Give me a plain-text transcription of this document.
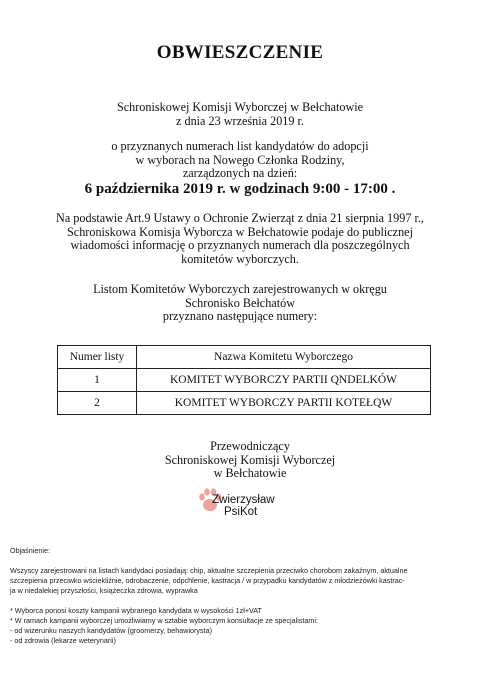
OBWIESZCZENIE
Schroniskowej Komisji Wyborczej w Bełchatowie
z dnia 23 września 2019 r.
o przyznanych numerach list kandydatów do adopcji
w wyborach na Nowego Członka Rodziny,
zarządzonych na dzień:
6 października 2019 r. w godzinach 9:00 - 17:00 .
Na podstawie Art.9 Ustawy o Ochronie Zwierząt z dnia 21 sierpnia 1997 r.,
Schroniskowa Komisja Wyborcza w Bełchatowie podaje do publicznej
wiadomości informację o przyznanych numerach dla poszczególnych
komitetów wyborczych.
Listom Komitetów Wyborczych zarejestrowanych w okręgu
Schronisko Bełchatów
przyznano następujące numery:
Numer listy	Nazwa Komitetu Wyborczego
1	KOMITET WYBORCZY PARTII QNDELKÓW
2	KOMITET WYBORCZY PARTII KOTEŁQW
Przewodniczący
Schroniskowej Komisji Wyborczej
w Bełchatowie
Zwierzysław
PsiKot
Objaśnienie:
Wszyscy zarejestrowani na listach kandydaci posiadają: chip, aktualne szczepienia przeciwko chorobom zakaźnym, aktualne
szczepienia przeciwko wściekliźnie, odrobaczenie, odpchlenie, kastracja / w przypadku kandydatów z młodzieżówki kastrac-
ja w niedalekiej przyszłości, książeczka zdrowia, wyprawka
* Wyborca ponosi koszty kampanii wybranego kandydata w wysokości 1zł+VAT
* W ramach kampanii wyborczej umożliwiamy w sztabie wyborczym konsultacje ze specjalistami:
- od wizerunku naszych kandydatów (groomerzy, behawiorysta)
- od zdrowia (lekarze weterynarii)
